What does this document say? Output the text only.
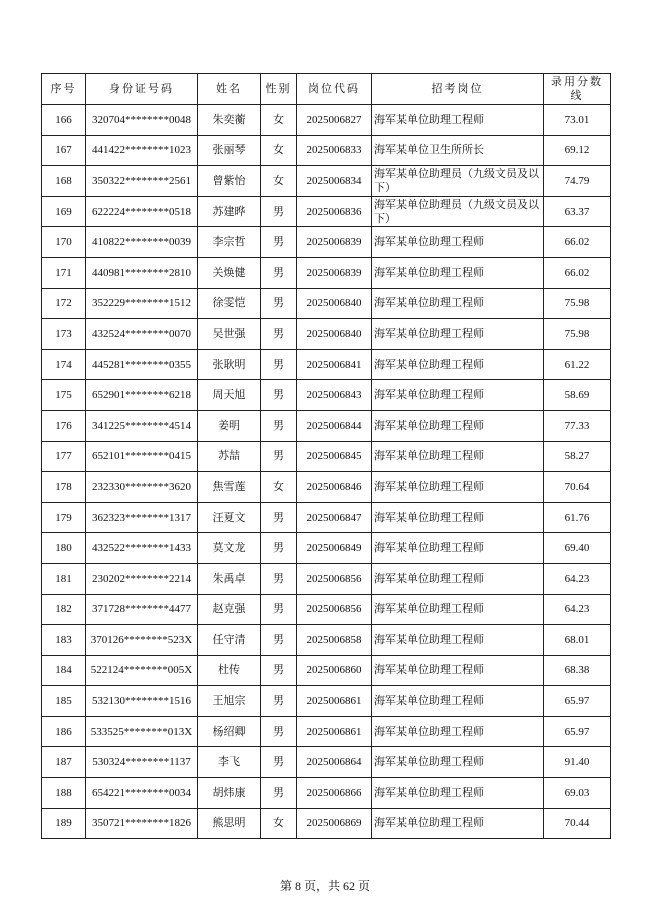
序号	身份证号码	姓名	性别	岗位代码	招考岗位	录用分数线
166	320704********0048	朱奕蘅	女	2025006827	海军某单位助理工程师	73.01
167	441422********1023	张丽琴	女	2025006833	海军某单位卫生所所长	69.12
168	350322********2561	曾紫怡	女	2025006834	海军某单位助理员（九级文员及以下）	74.79
169	622224********0518	苏建晔	男	2025006836	海军某单位助理员（九级文员及以下）	63.37
170	410822********0039	李宗哲	男	2025006839	海军某单位助理工程师	66.02
171	440981********2810	关焕健	男	2025006839	海军某单位助理工程师	66.02
172	352229********1512	徐雯恺	男	2025006840	海军某单位助理工程师	75.98
173	432524********0070	吴世强	男	2025006840	海军某单位助理工程师	75.98
174	445281********0355	张耿明	男	2025006841	海军某单位助理工程师	61.22
175	652901********6218	周天旭	男	2025006843	海军某单位助理工程师	58.69
176	341225********4514	姜明	男	2025006844	海军某单位助理工程师	77.33
177	652101********0415	苏喆	男	2025006845	海军某单位助理工程师	58.27
178	232330********3620	焦雪莲	女	2025006846	海军某单位助理工程师	70.64
179	362323********1317	汪夏文	男	2025006847	海军某单位助理工程师	61.76
180	432522********1433	莫文龙	男	2025006849	海军某单位助理工程师	69.40
181	230202********2214	朱禹卓	男	2025006856	海军某单位助理工程师	64.23
182	371728********4477	赵克强	男	2025006856	海军某单位助理工程师	64.23
183	370126********523X	任守清	男	2025006858	海军某单位助理工程师	68.01
184	522124********005X	杜传	男	2025006860	海军某单位助理工程师	68.38
185	532130********1516	王旭宗	男	2025006861	海军某单位助理工程师	65.97
186	533525********013X	杨绍卿	男	2025006861	海军某单位助理工程师	65.97
187	530324********1137	李飞	男	2025006864	海军某单位助理工程师	91.40
188	654221********0034	胡炜康	男	2025006866	海军某单位助理工程师	69.03
189	350721********1826	熊思明	女	2025006869	海军某单位助理工程师	70.44
第 8 页，共 62 页
